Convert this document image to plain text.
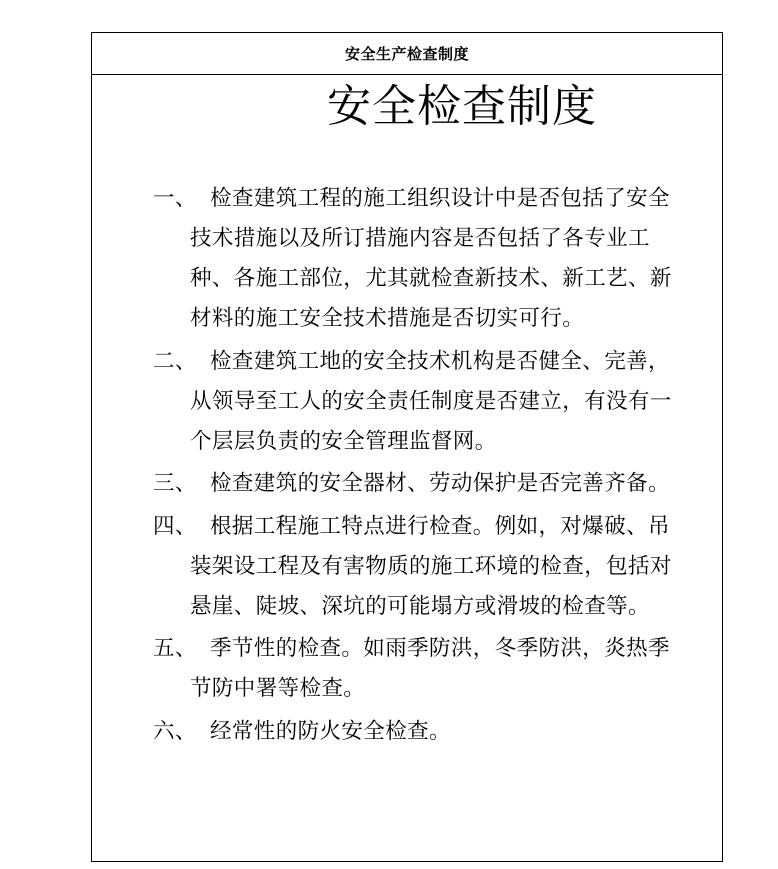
安全生产检查制度
安全检查制度
一、 检查建筑工程的施工组织设计中是否包括了安全
技术措施以及所订措施内容是否包括了各专业工
种、各施工部位，尤其就检查新技术、新工艺、新
材料的施工安全技术措施是否切实可行。
二、 检查建筑工地的安全技术机构是否健全、完善，
从领导至工人的安全责任制度是否建立，有没有一
个层层负责的安全管理监督网。
三、 检查建筑的安全器材、劳动保护是否完善齐备。
四、 根据工程施工特点进行检查。例如，对爆破、吊
装架设工程及有害物质的施工环境的检查，包括对
悬崖、陡坡、深坑的可能塌方或滑坡的检查等。
五、 季节性的检查。如雨季防洪，冬季防洪，炎热季
节防中署等检查。
六、 经常性的防火安全检查。
